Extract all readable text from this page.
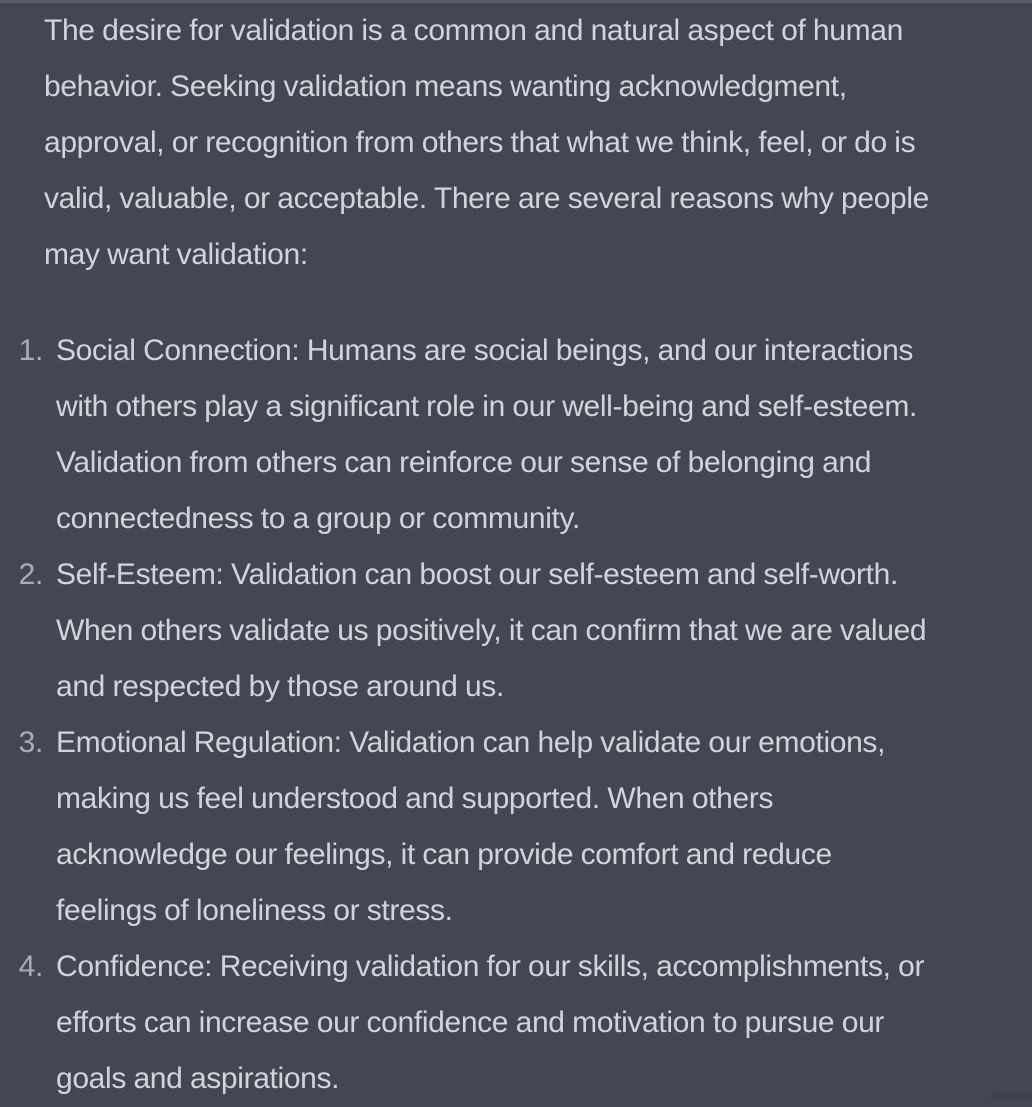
The desire for validation is a common and natural aspect of human
behavior. Seeking validation means wanting acknowledgment,
approval, or recognition from others that what we think, feel, or do is
valid, valuable, or acceptable. There are several reasons why people
may want validation:

1. Social Connection: Humans are social beings, and our interactions
with others play a significant role in our well-being and self-esteem.
Validation from others can reinforce our sense of belonging and
connectedness to a group or community.
2. Self-Esteem: Validation can boost our self-esteem and self-worth.
When others validate us positively, it can confirm that we are valued
and respected by those around us.
3. Emotional Regulation: Validation can help validate our emotions,
making us feel understood and supported. When others
acknowledge our feelings, it can provide comfort and reduce
feelings of loneliness or stress.
4. Confidence: Receiving validation for our skills, accomplishments, or
efforts can increase our confidence and motivation to pursue our
goals and aspirations.
